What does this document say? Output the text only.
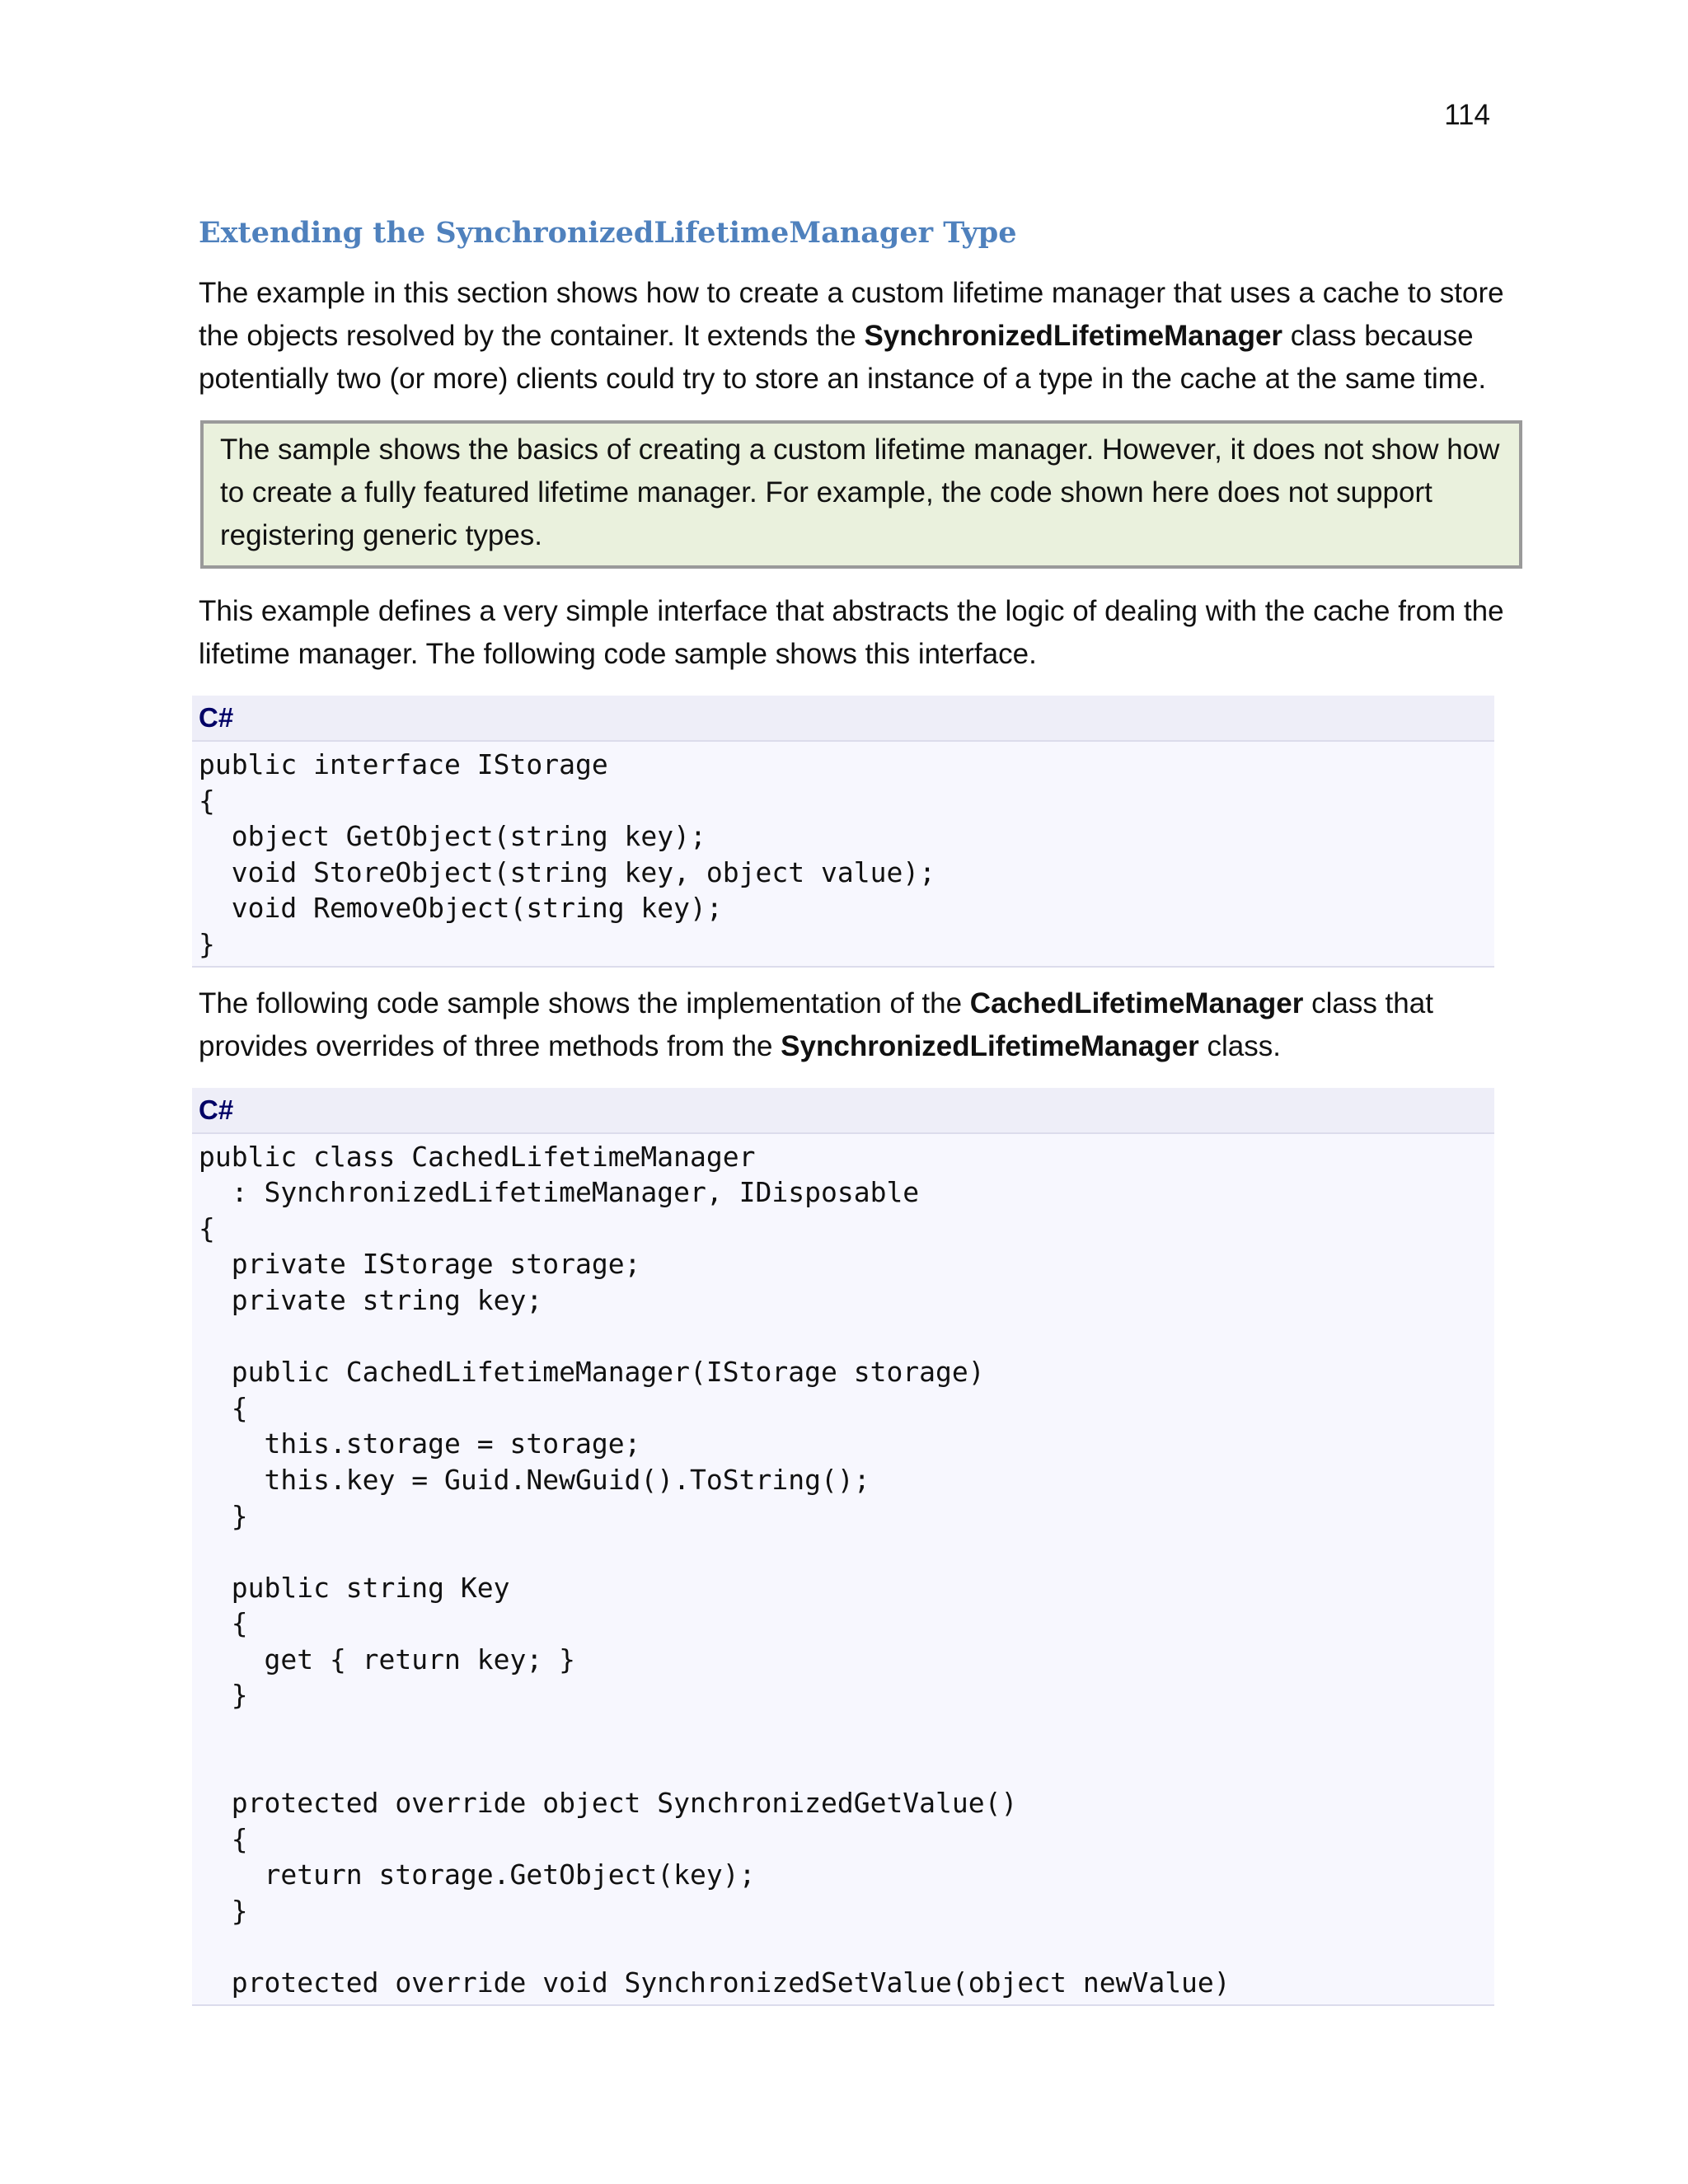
114
Extending the SynchronizedLifetimeManager Type

The example in this section shows how to create a custom lifetime manager that uses a cache to store the objects resolved by the container. It extends the SynchronizedLifetimeManager class because potentially two (or more) clients could try to store an instance of a type in the cache at the same time.

The sample shows the basics of creating a custom lifetime manager. However, it does not show how to create a fully featured lifetime manager. For example, the code shown here does not support registering generic types.

This example defines a very simple interface that abstracts the logic of dealing with the cache from the lifetime manager. The following code sample shows this interface.

C#
public interface IStorage
{
object GetObject(string key);
void StoreObject(string key, object value);
void RemoveObject(string key);
}

The following code sample shows the implementation of the CachedLifetimeManager class that provides overrides of three methods from the SynchronizedLifetimeManager class.

C#
public class CachedLifetimeManager
: SynchronizedLifetimeManager, IDisposable
{
private IStorage storage;
private string key;
public CachedLifetimeManager(IStorage storage)
{
this.storage = storage;
this.key = Guid.NewGuid().ToString();
}
public string Key
{
get { return key; }
}
protected override object SynchronizedGetValue()
{
return storage.GetObject(key);
}
protected override void SynchronizedSetValue(object newValue)
